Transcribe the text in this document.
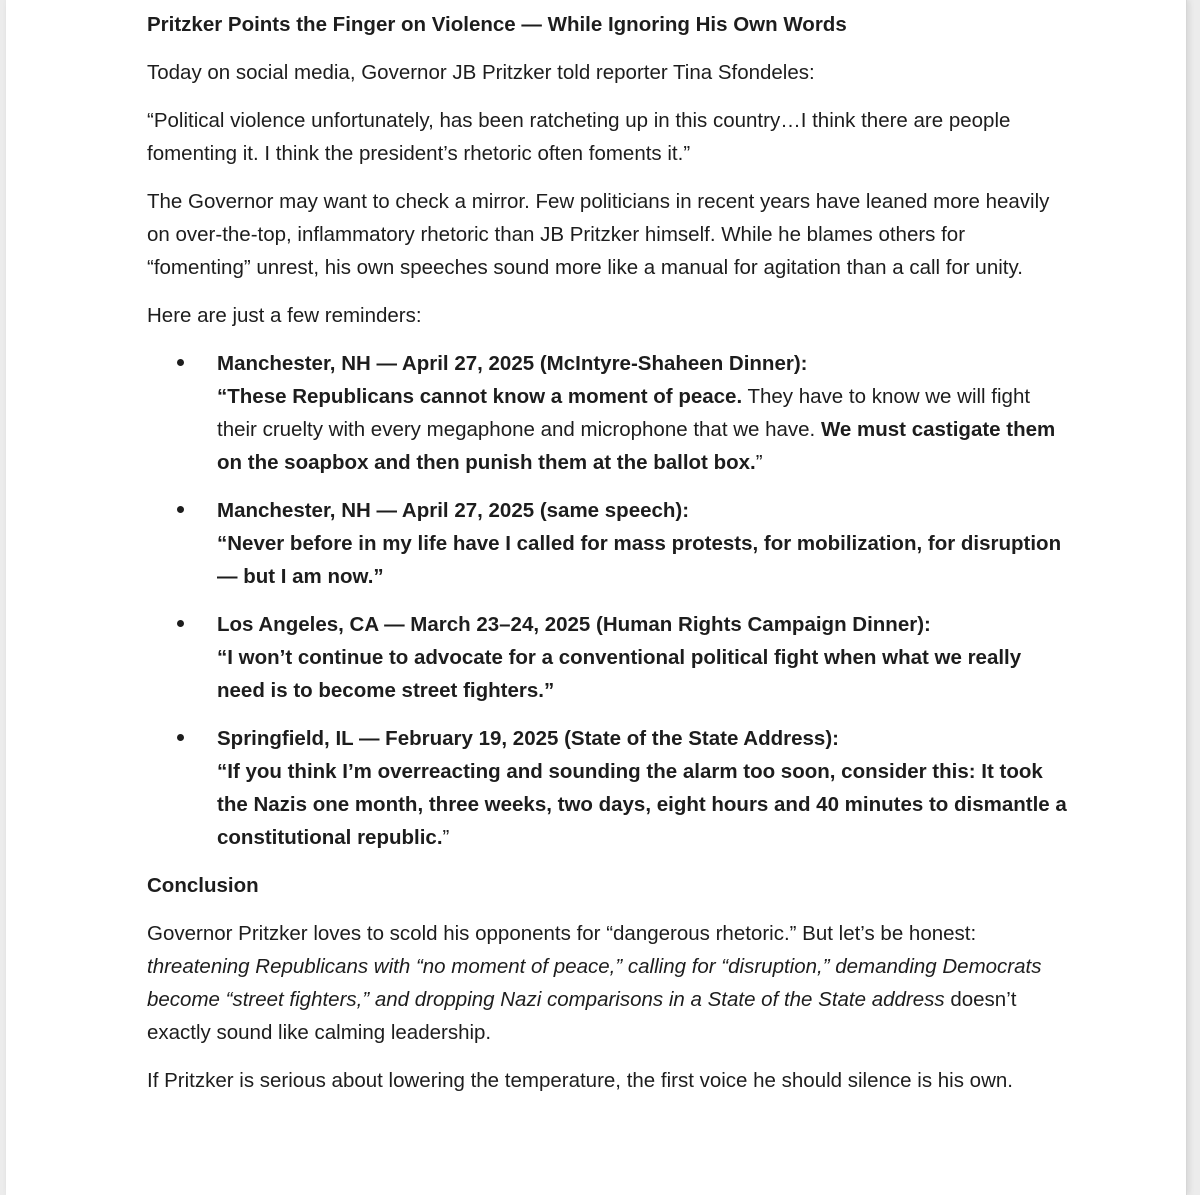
Pritzker Points the Finger on Violence — While Ignoring His Own Words

Today on social media, Governor JB Pritzker told reporter Tina Sfondeles:

“Political violence unfortunately, has been ratcheting up in this country…I think there are people fomenting it. I think the president’s rhetoric often foments it.”

The Governor may want to check a mirror. Few politicians in recent years have leaned more heavily on over-the-top, inflammatory rhetoric than JB Pritzker himself. While he blames others for “fomenting” unrest, his own speeches sound more like a manual for agitation than a call for unity.

Here are just a few reminders:

Manchester, NH — April 27, 2025 (McIntyre-Shaheen Dinner):
“These Republicans cannot know a moment of peace. They have to know we will fight their cruelty with every megaphone and microphone that we have. We must castigate them on the soapbox and then punish them at the ballot box.”
Manchester, NH — April 27, 2025 (same speech):
“Never before in my life have I called for mass protests, for mobilization, for disruption — but I am now.”
Los Angeles, CA — March 23–24, 2025 (Human Rights Campaign Dinner):
“I won’t continue to advocate for a conventional political fight when what we really need is to become street fighters.”
Springfield, IL — February 19, 2025 (State of the State Address):
“If you think I’m overreacting and sounding the alarm too soon, consider this: It took the Nazis one month, three weeks, two days, eight hours and 40 minutes to dismantle a constitutional republic.”
Conclusion

Governor Pritzker loves to scold his opponents for “dangerous rhetoric.” But let’s be honest: threatening Republicans with “no moment of peace,” calling for “disruption,” demanding Democrats become “street fighters,” and dropping Nazi comparisons in a State of the State address doesn’t exactly sound like calming leadership.

If Pritzker is serious about lowering the temperature, the first voice he should silence is his own.
